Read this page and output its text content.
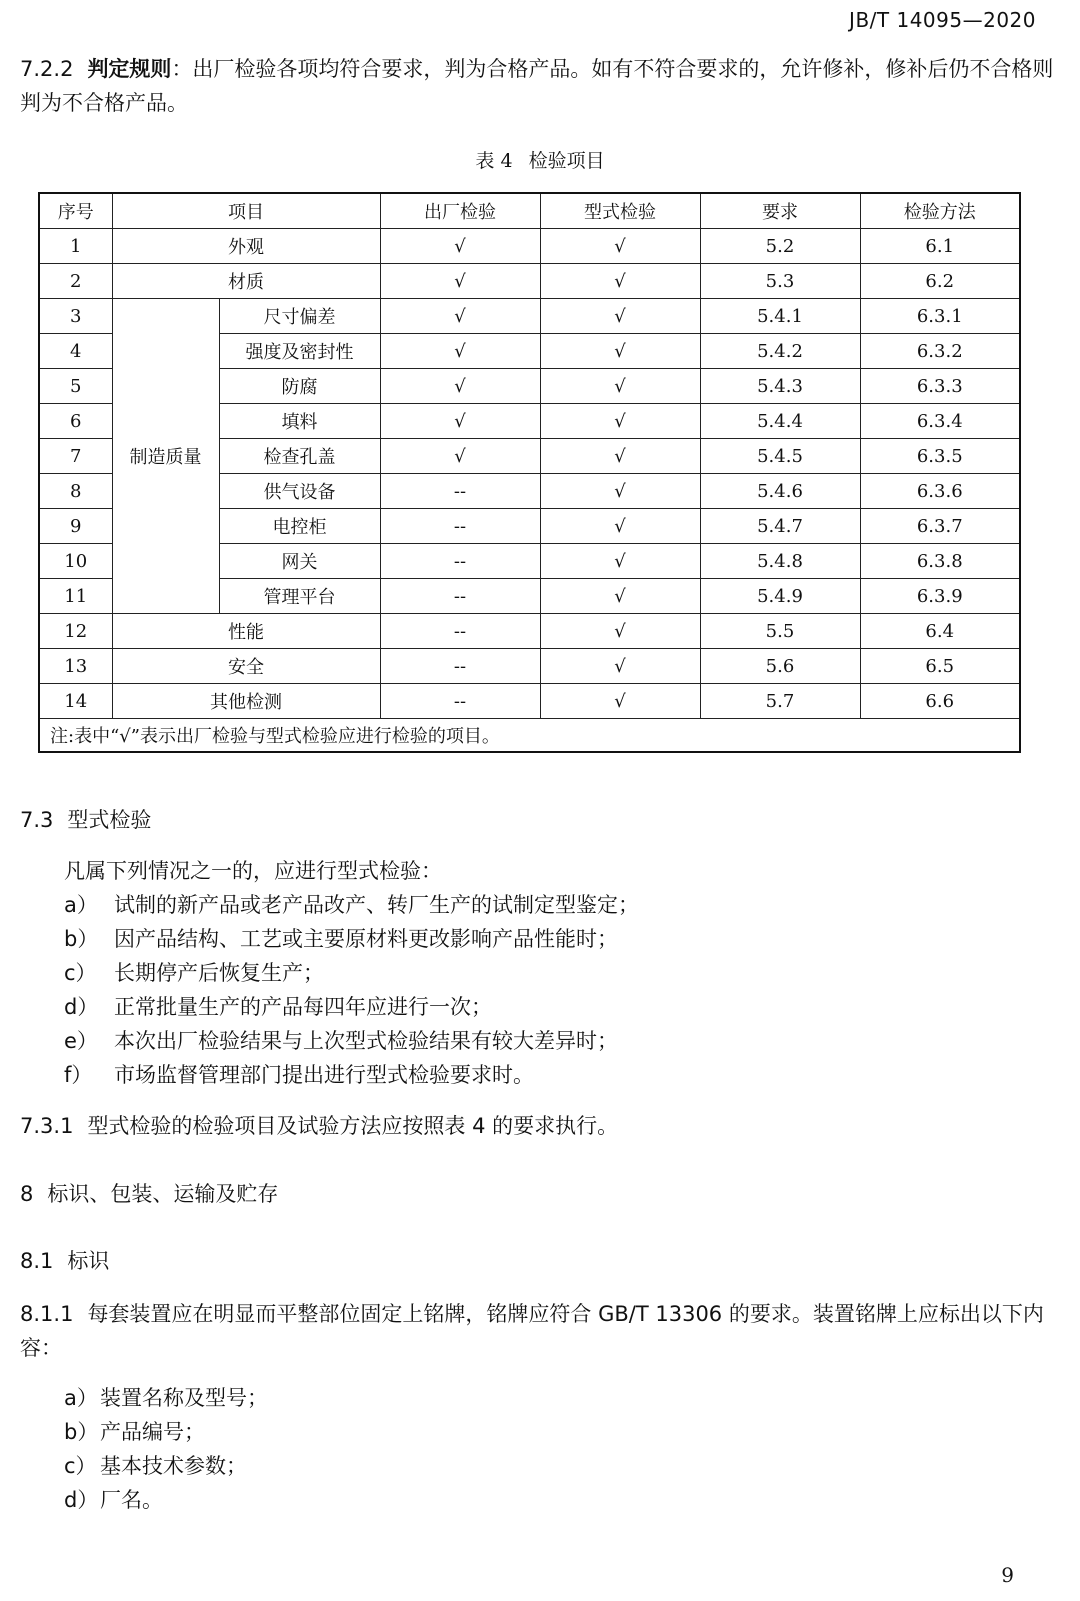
JB/T 14095—2020
7.2.2 判定规则：出厂检验各项均符合要求，判为合格产品。如有不符合要求的，允许修补，修补后仍不合格则判为不合格产品。
表 4 检验项目
序号	项目		出厂检验	型式检验	要求	检验方法
1	外观		√	√	5.2	6.1
2	材质		√	√	5.3	6.2
3	制造质量	尺寸偏差	√	√	5.4.1	6.3.1
4		强度及密封性	√	√	5.4.2	6.3.2
5		防腐	√	√	5.4.3	6.3.3
6		填料	√	√	5.4.4	6.3.4
7		检查孔盖	√	√	5.4.5	6.3.5
8		供气设备	--	√	5.4.6	6.3.6
9		电控柜	--	√	5.4.7	6.3.7
10		网关	--	√	5.4.8	6.3.8
11		管理平台	--	√	5.4.9	6.3.9
12	性能		--	√	5.5	6.4
13	安全		--	√	5.6	6.5
14	其他检测		--	√	5.7	6.6
注:表中“√”表示出厂检验与型式检验应进行检验的项目。						
7.3 型式检验
凡属下列情况之一的，应进行型式检验：
a） 试制的新产品或老产品改产、转厂生产的试制定型鉴定；
b） 因产品结构、工艺或主要原材料更改影响产品性能时；
c） 长期停产后恢复生产；
d） 正常批量生产的产品每四年应进行一次；
e） 本次出厂检验结果与上次型式检验结果有较大差异时；
f） 市场监督管理部门提出进行型式检验要求时。
7.3.1 型式检验的检验项目及试验方法应按照表 4 的要求执行。
8 标识、包装、运输及贮存
8.1 标识
8.1.1 每套装置应在明显而平整部位固定上铭牌，铭牌应符合 GB/T 13306 的要求。装置铭牌上应标出以下内容：
a） 装置名称及型号；
b）产品编号；
c） 基本技术参数；
d）厂名。
9
